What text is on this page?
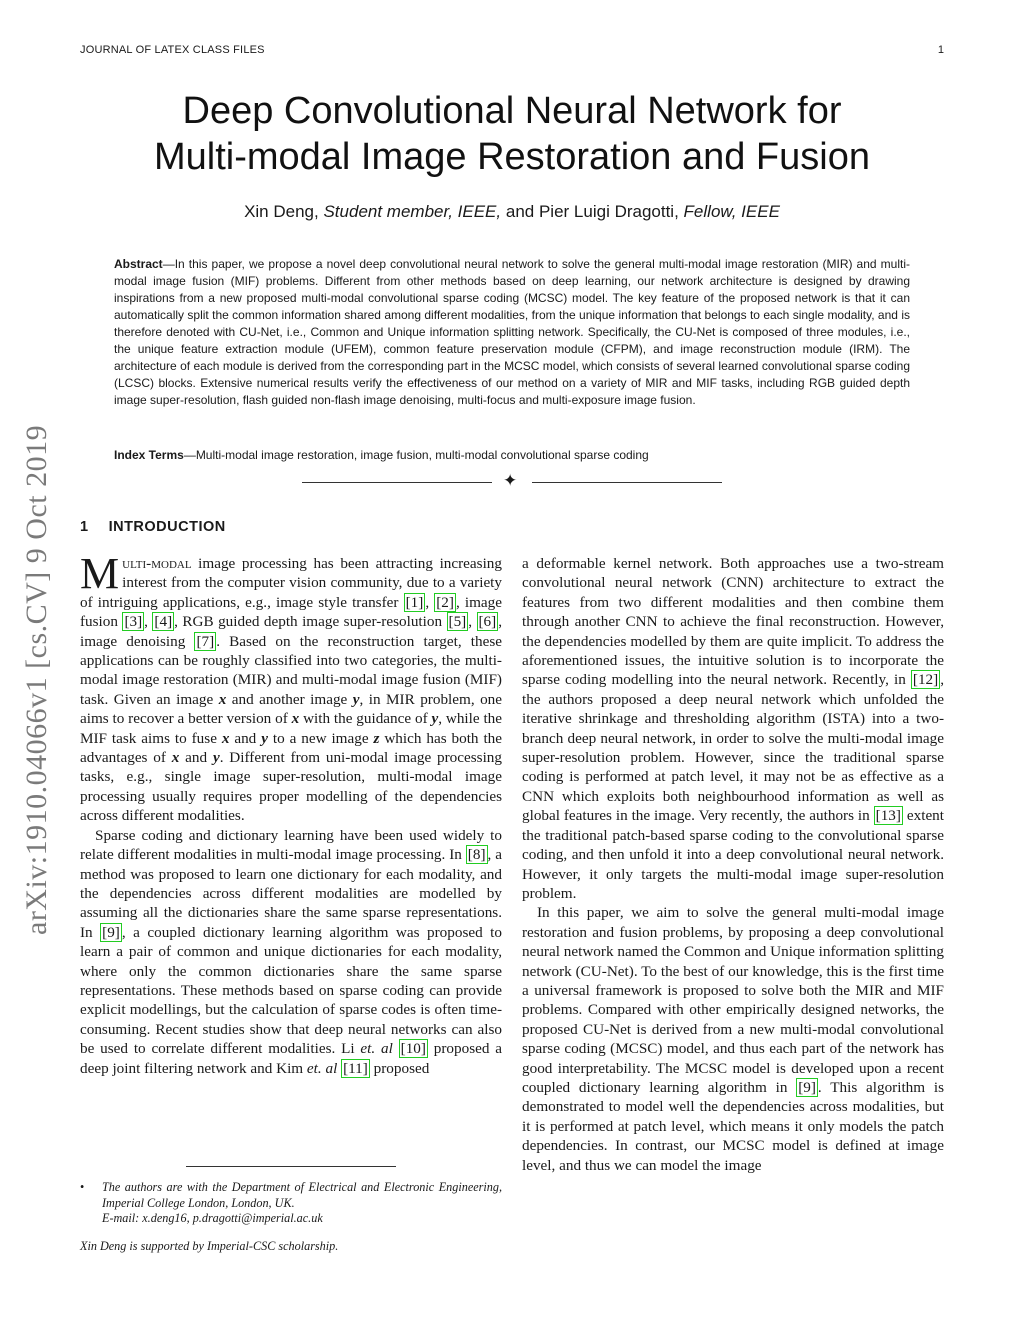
JOURNAL OF LATEX CLASS FILES	1
Deep Convolutional Neural Network for
Multi-modal Image Restoration and Fusion
Xin Deng, Student member, IEEE, and Pier Luigi Dragotti, Fellow, IEEE
Abstract—In this paper, we propose a novel deep convolutional neural network to solve the general multi-modal image restoration (MIR) and multi-modal image fusion (MIF) problems. Different from other methods based on deep learning, our network architecture is designed by drawing inspirations from a new proposed multi-modal convolutional sparse coding (MCSC) model. The key feature of the proposed network is that it can automatically split the common information shared among different modalities, from the unique information that belongs to each single modality, and is therefore denoted with CU-Net, i.e., Common and Unique information splitting network. Specifically, the CU-Net is composed of three modules, i.e., the unique feature extraction module (UFEM), common feature preservation module (CFPM), and image reconstruction module (IRM). The architecture of each module is derived from the corresponding part in the MCSC model, which consists of several learned convolutional sparse coding (LCSC) blocks. Extensive numerical results verify the effectiveness of our method on a variety of MIR and MIF tasks, including RGB guided depth image super-resolution, flash guided non-flash image denoising, multi-focus and multi-exposure image fusion.
Index Terms—Multi-modal image restoration, image fusion, multi-modal convolutional sparse coding
✦
arXiv:1910.04066v1 [cs.CV] 9 Oct 2019 1 INTRODUCTION

Multi-modal image processing has been attracting increasing interest from the computer vision community, due to a variety of intriguing applications, e.g., image style transfer [1] , [2] , image fusion [3] , [4] , RGB guided depth image super-resolution [5] , [6] , image denoising [7] . Based on the reconstruction target, these applications can be roughly classified into two categories, the multi-modal image restoration (MIR) and multi-modal image fusion (MIF) task. Given an image x and another image y, in MIR problem, one aims to recover a better version of x with the guidance of y, while the MIF task aims to fuse x and y to a new image z which has both the advantages of x and y. Different from uni-modal image processing tasks, e.g., single image super-resolution, multi-modal image processing usually requires proper modelling of the dependencies across different modalities.

Sparse coding and dictionary learning have been used widely to relate different modalities in multi-modal image processing. In [8] , a method was proposed to learn one dictionary for each modality, and the dependencies across different modalities are modelled by assuming all the dictionaries share the same sparse representations. In [9] , a coupled dictionary learning algorithm was proposed to learn a pair of common and unique dictionaries for each modality, where only the common dictionaries share the same sparse representations. These methods based on sparse coding can provide explicit modellings, but the calculation of sparse codes is often time-consuming. Recent studies show that deep neural networks can also be used to correlate different modalities. Li et. al [10] proposed a deep joint filtering network and Kim et. al [11] proposed

a deformable kernel network. Both approaches use a two-stream convolutional neural network (CNN) architecture to extract the features from two different modalities and then combine them through another CNN to achieve the final reconstruction. However, the dependencies modelled by them are quite implicit. To address the aforementioned issues, the intuitive solution is to incorporate the sparse coding modelling into the neural network. Recently, in [12] , the authors proposed a deep neural network which unfolded the iterative shrinkage and thresholding algorithm (ISTA) into a two-branch deep neural network, in order to solve the multi-modal image super-resolution problem. However, since the traditional sparse coding is performed at patch level, it may not be as effective as a CNN which exploits both neighbourhood information as well as global features in the image. Very recently, the authors in [13] extent the traditional patch-based sparse coding to the convolutional sparse coding, and then unfold it into a deep convolutional neural network. However, it only targets the multi-modal image super-resolution problem.

In this paper, we aim to solve the general multi-modal image restoration and fusion problems, by proposing a deep convolutional neural network named the Common and Unique information splitting network (CU-Net). To the best of our knowledge, this is the first time a universal framework is proposed to solve both the MIR and MIF problems. Compared with other empirically designed networks, the proposed CU-Net is derived from a new multi-modal convolutional sparse coding (MCSC) model, and thus each part of the network has good interpretability. The MCSC model is developed upon a recent coupled dictionary learning algorithm in [9] . This algorithm is demonstrated to model well the dependencies across modalities, but it is performed at patch level, which means it only models the patch dependencies. In contrast, our MCSC model is defined at image level, and thus we can model the image

• The authors are with the Department of Electrical and Electronic Engineering, Imperial College London, London, UK.
E-mail: x.deng16, p.dragotti@imperial.ac.uk
Xin Deng is supported by Imperial-CSC scholarship.
